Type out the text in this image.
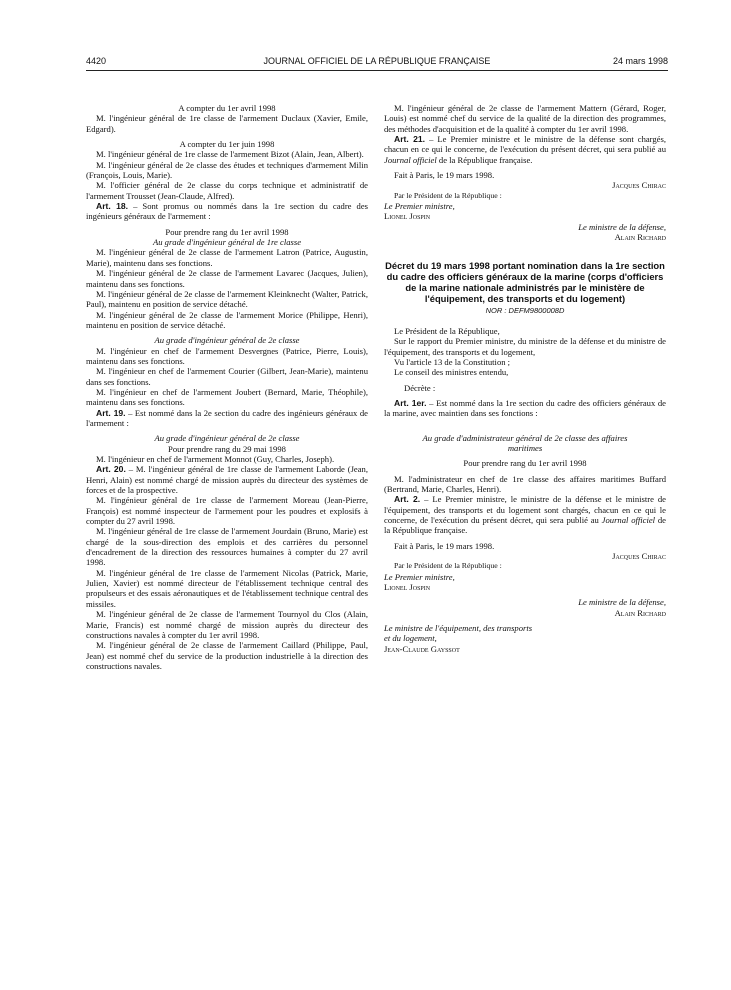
4420	JOURNAL OFFICIEL DE LA RÉPUBLIQUE FRANÇAISE	24 mars 1998

A compter du 1er avril 1998

M. l'ingénieur général de 1re classe de l'armement Duclaux (Xavier, Emile, Edgard).

A compter du 1er juin 1998

M. l'ingénieur général de 1re classe de l'armement Bizot (Alain, Jean, Albert).

M. l'ingénieur général de 2e classe des études et techniques d'armement Milin (François, Louis, Marie).

M. l'officier général de 2e classe du corps technique et administratif de l'armement Trousset (Jean-Claude, Alfred).

Art. 18. – Sont promus ou nommés dans la 1re section du cadre des ingénieurs généraux de l'armement :

Pour prendre rang du 1er avril 1998

Au grade d'ingénieur général de 1re classe

M. l'ingénieur général de 2e classe de l'armement Latron (Patrice, Augustin, Marie), maintenu dans ses fonctions.

M. l'ingénieur général de 2e classe de l'armement Lavarec (Jacques, Julien), maintenu dans ses fonctions.

M. l'ingénieur général de 2e classe de l'armement Kleinknecht (Walter, Patrick, Paul), maintenu en position de service détaché.

M. l'ingénieur général de 2e classe de l'armement Morice (Philippe, Henri), maintenu en position de service détaché.

Au grade d'ingénieur général de 2e classe

M. l'ingénieur en chef de l'armement Desvergnes (Patrice, Pierre, Louis), maintenu dans ses fonctions.

M. l'ingénieur en chef de l'armement Courier (Gilbert, Jean-Marie), maintenu dans ses fonctions.

M. l'ingénieur en chef de l'armement Joubert (Bernard, Marie, Théophile), maintenu dans ses fonctions.

Art. 19. – Est nommé dans la 2e section du cadre des ingénieurs généraux de l'armement :

Au grade d'ingénieur général de 2e classe

Pour prendre rang du 29 mai 1998

M. l'ingénieur en chef de l'armement Monnot (Guy, Charles, Joseph).

Art. 20. – M. l'ingénieur général de 1re classe de l'armement Laborde (Jean, Henri, Alain) est nommé chargé de mission auprès du directeur des systèmes de forces et de la prospective.

M. l'ingénieur général de 1re classe de l'armement Moreau (Jean-Pierre, François) est nommé inspecteur de l'armement pour les poudres et explosifs à compter du 27 avril 1998.

M. l'ingénieur général de 1re classe de l'armement Jourdain (Bruno, Marie) est chargé de la sous-direction des emplois et des carrières du personnel d'encadrement de la direction des ressources humaines à compter du 27 avril 1998.

M. l'ingénieur général de 1re classe de l'armement Nicolas (Patrick, Marie, Julien, Xavier) est nommé directeur de l'établissement technique central des propulseurs et des essais aéronautiques et de l'établissement technique central des missiles.

M. l'ingénieur général de 2e classe de l'armement Tournyol du Clos (Alain, Marie, Francis) est nommé chargé de mission auprès du directeur des constructions navales à compter du 1er avril 1998.

M. l'ingénieur général de 2e classe de l'armement Caillard (Philippe, Paul, Jean) est nommé chef du service de la production industrielle à la direction des constructions navales.

M. l'ingénieur général de 2e classe de l'armement Mattern (Gérard, Roger, Louis) est nommé chef du service de la qualité de la direction des programmes, des méthodes d'acquisition et de la qualité à compter du 1er avril 1998.

Art. 21. – Le Premier ministre et le ministre de la défense sont chargés, chacun en ce qui le concerne, de l'exécution du présent décret, qui sera publié au Journal officiel de la République française.

Fait à Paris, le 19 mars 1998.

Jacques Chirac

Par le Président de la République :

Le Premier ministre,

Lionel Jospin

Le ministre de la défense,

Alain Richard

Décret du 19 mars 1998 portant nomination dans la 1re section du cadre des officiers généraux de la marine (corps d'officiers de la marine nationale administrés par le ministère de l'équipement, des transports et du logement)

NOR : DEFM9800008D

Le Président de la République,

Sur le rapport du Premier ministre, du ministre de la défense et du ministre de l'équipement, des transports et du logement,

Vu l'article 13 de la Constitution ;

Le conseil des ministres entendu,

Décrète :

Art. 1er. – Est nommé dans la 1re section du cadre des officiers généraux de la marine, avec maintien dans ses fonctions :

Au grade d'administrateur général de 2e classe des affaires maritimes

Pour prendre rang du 1er avril 1998

M. l'administrateur en chef de 1re classe des affaires maritimes Buffard (Bertrand, Marie, Charles, Henri).

Art. 2. – Le Premier ministre, le ministre de la défense et le ministre de l'équipement, des transports et du logement sont chargés, chacun en ce qui le concerne, de l'exécution du présent décret, qui sera publié au Journal officiel de la République française.

Fait à Paris, le 19 mars 1998.

Jacques Chirac

Par le Président de la République :

Le Premier ministre,

Lionel Jospin

Le ministre de la défense,

Alain Richard

Le ministre de l'équipement, des transports et du logement,

Jean-Claude Gayssot
